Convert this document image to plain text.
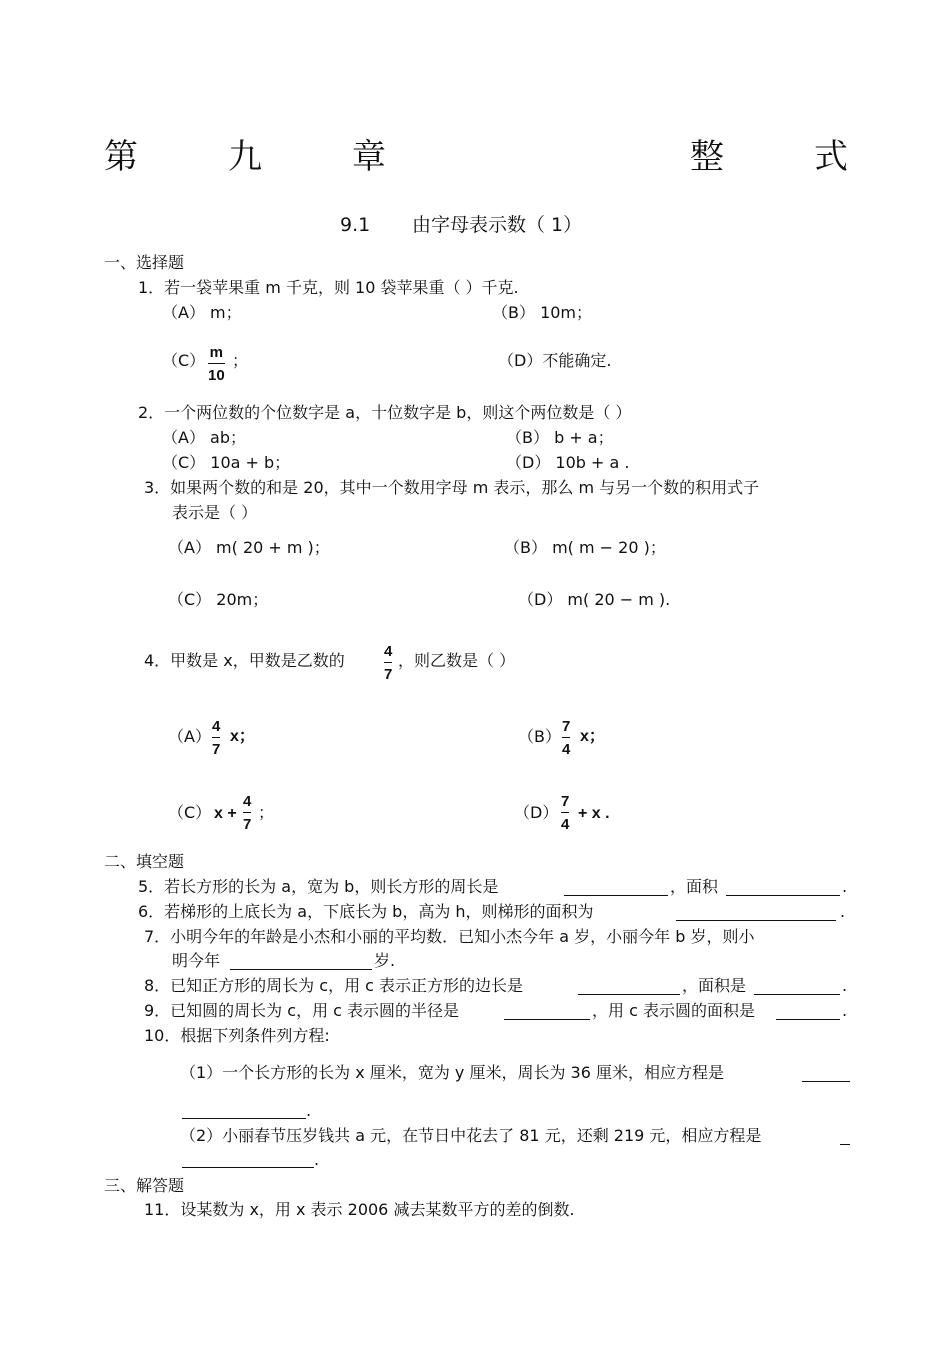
第	九	章	整	式
9.1 由字母表示数（ 1）
一、选择题
1．若一袋苹果重 m 千克，则 10 袋苹果重（ ）千克.
（A） m；	（B） 10m；
（C） m
10
；	（D）不能确定.
2．一个两位数的个位数字是 a，十位数字是 b，则这个两位数是（ ）
（A） ab；	（B） b + a；
（C） 10a + b；	（D） 10b + a .
3．如果两个数的和是 20，其中一个数用字母 m 表示，那么 m 与另一个数的积用式子
表示是（ ）
（A） m( 20 + m )；	（B） m( m − 20 )；
（C） 20m；	（D） m( 20 − m ).
4．甲数是 x，甲数是乙数的	4
7
，则乙数是（ ）
（A）
4
7
x；	（B）
7
4
x；
（C） x +
4
7
；	（D）
7
4
+ x .
二、填空题
5．若长方形的长为 a，宽为 b，则长方形的周长是	，面积	.
6．若梯形的上底长为 a，下底长为 b，高为 h，则梯形的面积为	.
7．小明今年的年龄是小杰和小丽的平均数．已知小杰今年 a 岁，小丽今年 b 岁，则小
明今年	岁.
8．已知正方形的周长为 c，用 c 表示正方形的边长是	，面积是	.
9．已知圆的周长为 c，用 c 表示圆的半径是	，用 c 表示圆的面积是	.
10．根据下列条件列方程:
（1）一个长方形的长为 x 厘米，宽为 y 厘米，周长为 36 厘米，相应方程是
.
（2）小丽春节压岁钱共 a 元，在节日中花去了 81 元，还剩 219 元，相应方程是
.
三、解答题
11．设某数为 x，用 x 表示 2006 减去某数平方的差的倒数.
